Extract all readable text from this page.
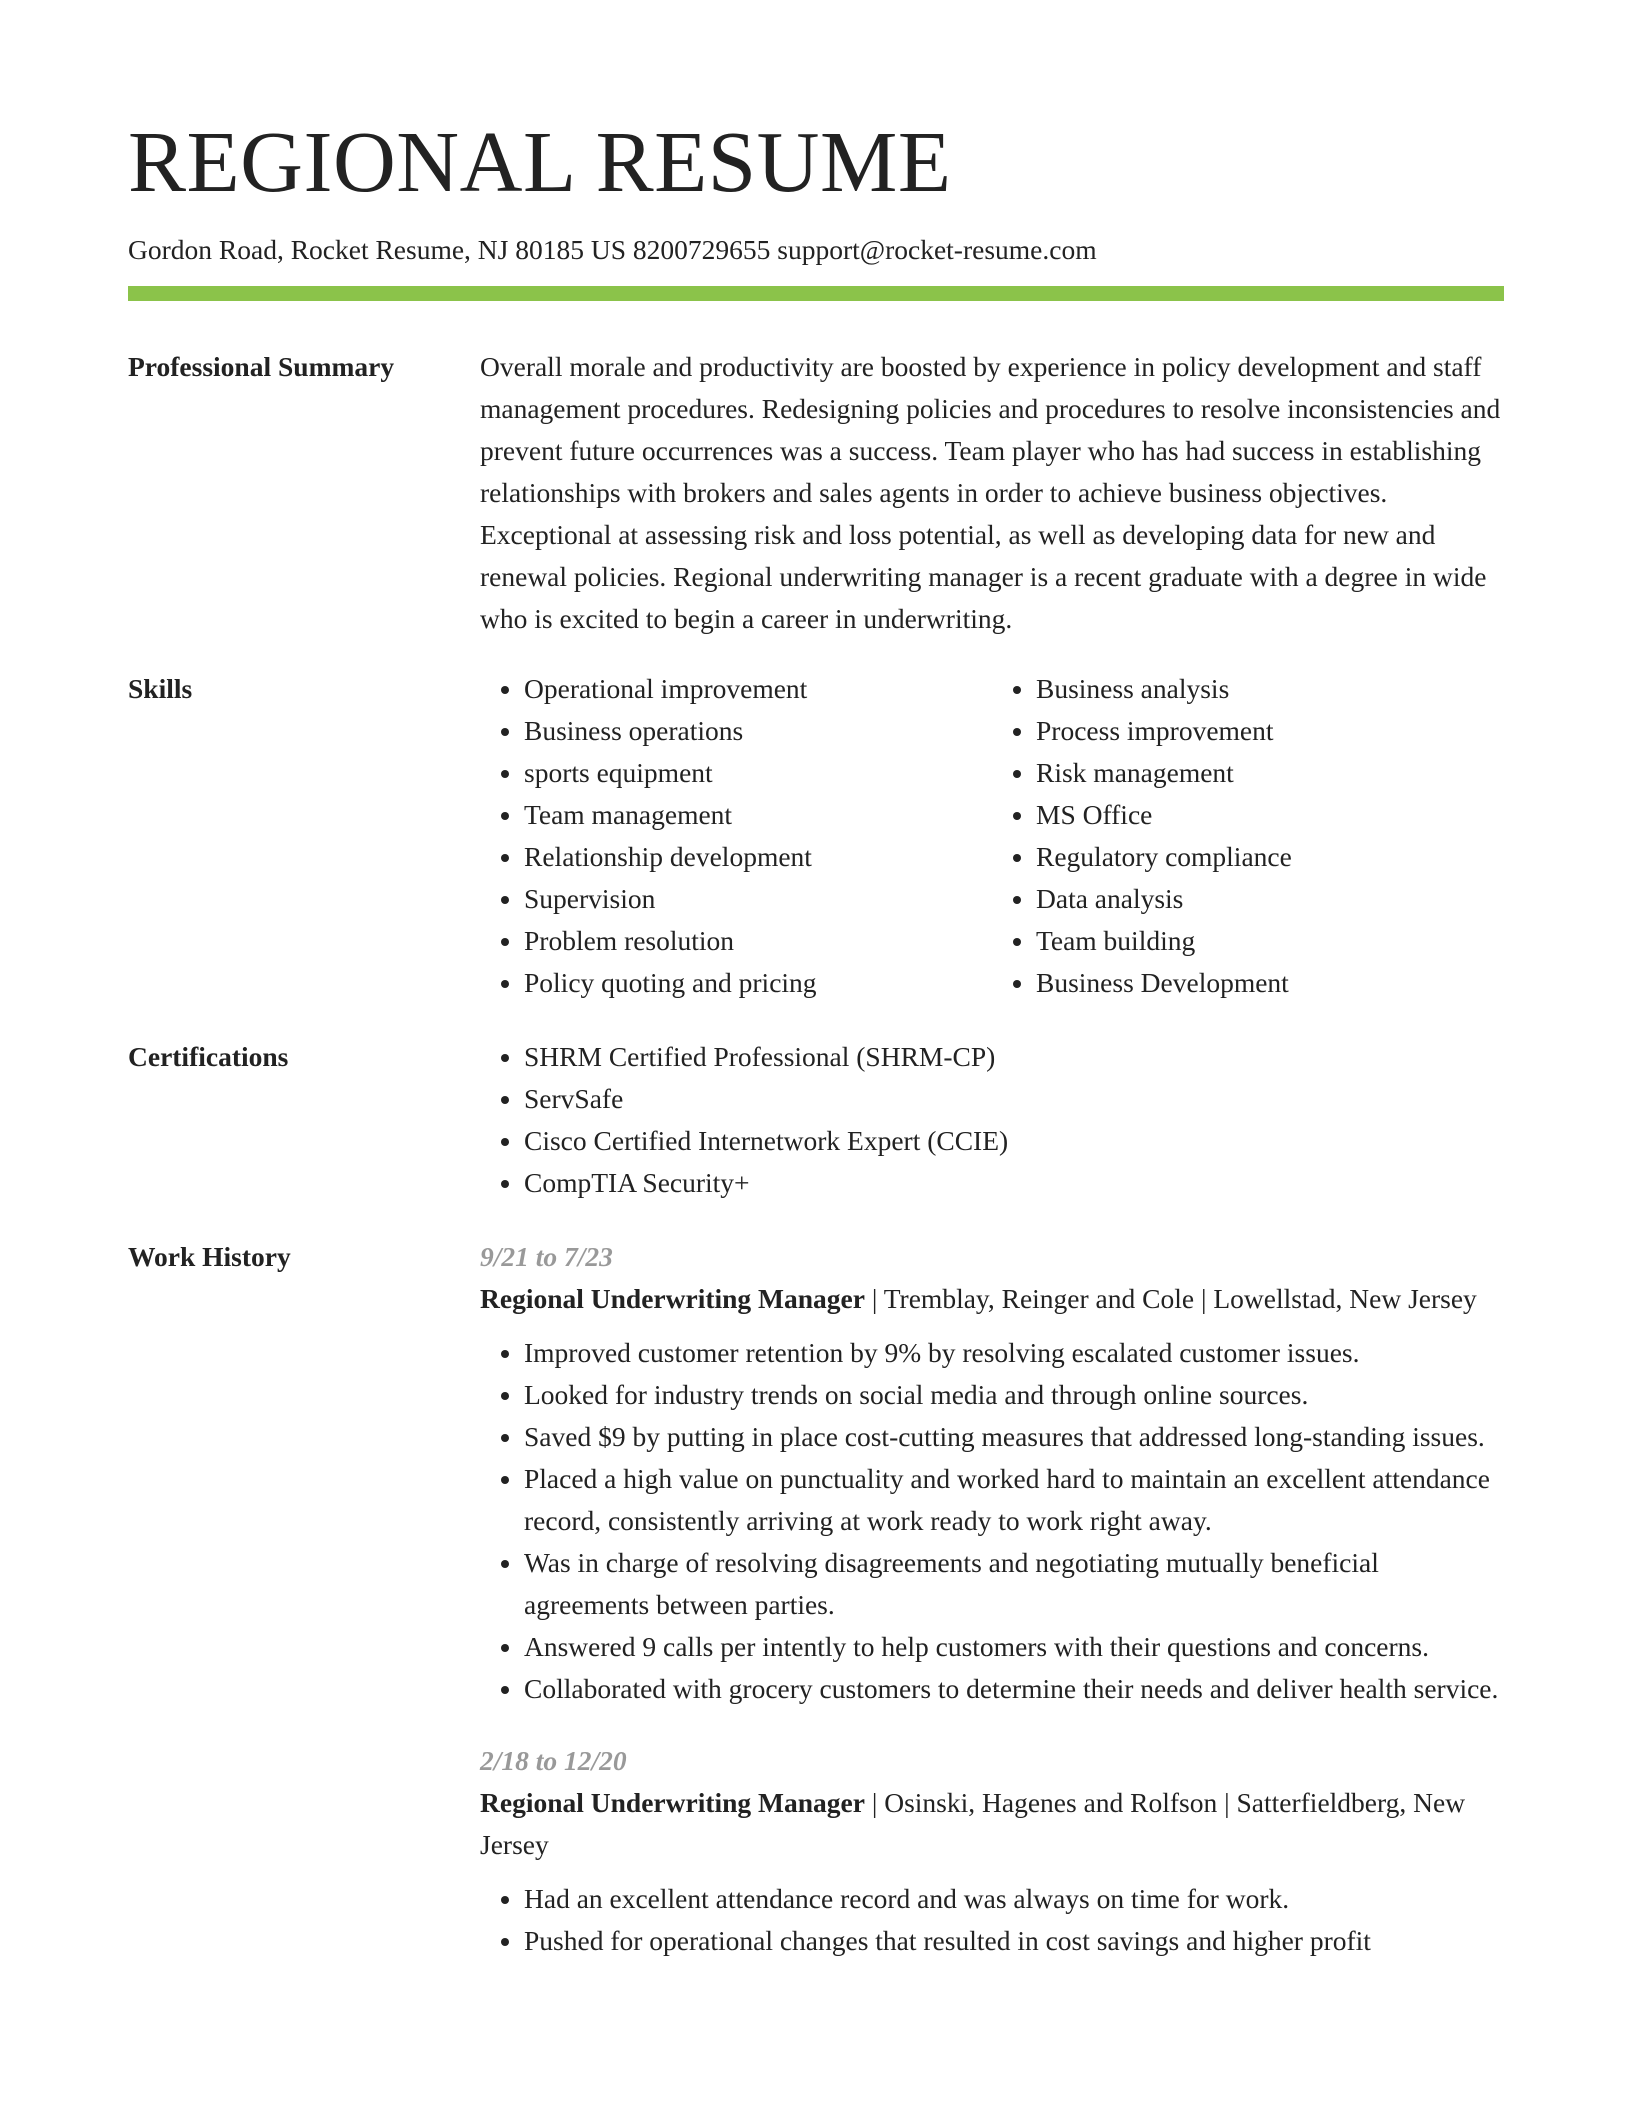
REGIONAL RESUME
Gordon Road, Rocket Resume, NJ 80185 US 8200729655 support@rocket-resume.com
Professional Summary	Overall morale and productivity are boosted by experience in policy development and staff management procedures. Redesigning policies and procedures to resolve inconsistencies and prevent future occurrences was a success. Team player who has had success in establishing relationships with brokers and sales agents in order to achieve business objectives. Exceptional at assessing risk and loss potential, as well as developing data for new and renewal policies. Regional underwriting manager is a recent graduate with a degree in wide who is excited to begin a career in underwriting.

Skills	• Operational improvement
• Business operations
• sports equipment
• Team management
• Relationship development
• Supervision
• Problem resolution
• Policy quoting and pricing
• Business analysis
• Process improvement
• Risk management
• MS Office
• Regulatory compliance
• Data analysis
• Team building
• Business Development
Certifications	• SHRM Certified Professional (SHRM-CP)
• ServSafe
• Cisco Certified Internetwork Expert (CCIE)
• CompTIA Security+
Work History	9/21 to 7/23
Regional Underwriting Manager | Tremblay, Reinger and Cole | Lowellstad, New Jersey
• Improved customer retention by 9% by resolving escalated customer issues.
• Looked for industry trends on social media and through online sources.
• Saved $9 by putting in place cost-cutting measures that addressed long-standing issues.
• Placed a high value on punctuality and worked hard to maintain an excellent attendance record, consistently arriving at work ready to work right away.
• Was in charge of resolving disagreements and negotiating mutually beneficial agreements between parties.
• Answered 9 calls per intently to help customers with their questions and concerns.
• Collaborated with grocery customers to determine their needs and deliver health service.
2/18 to 12/20
Regional Underwriting Manager | Osinski, Hagenes and Rolfson | Satterfieldberg, New Jersey
• Had an excellent attendance record and was always on time for work.
• Pushed for operational changes that resulted in cost savings and higher profit
